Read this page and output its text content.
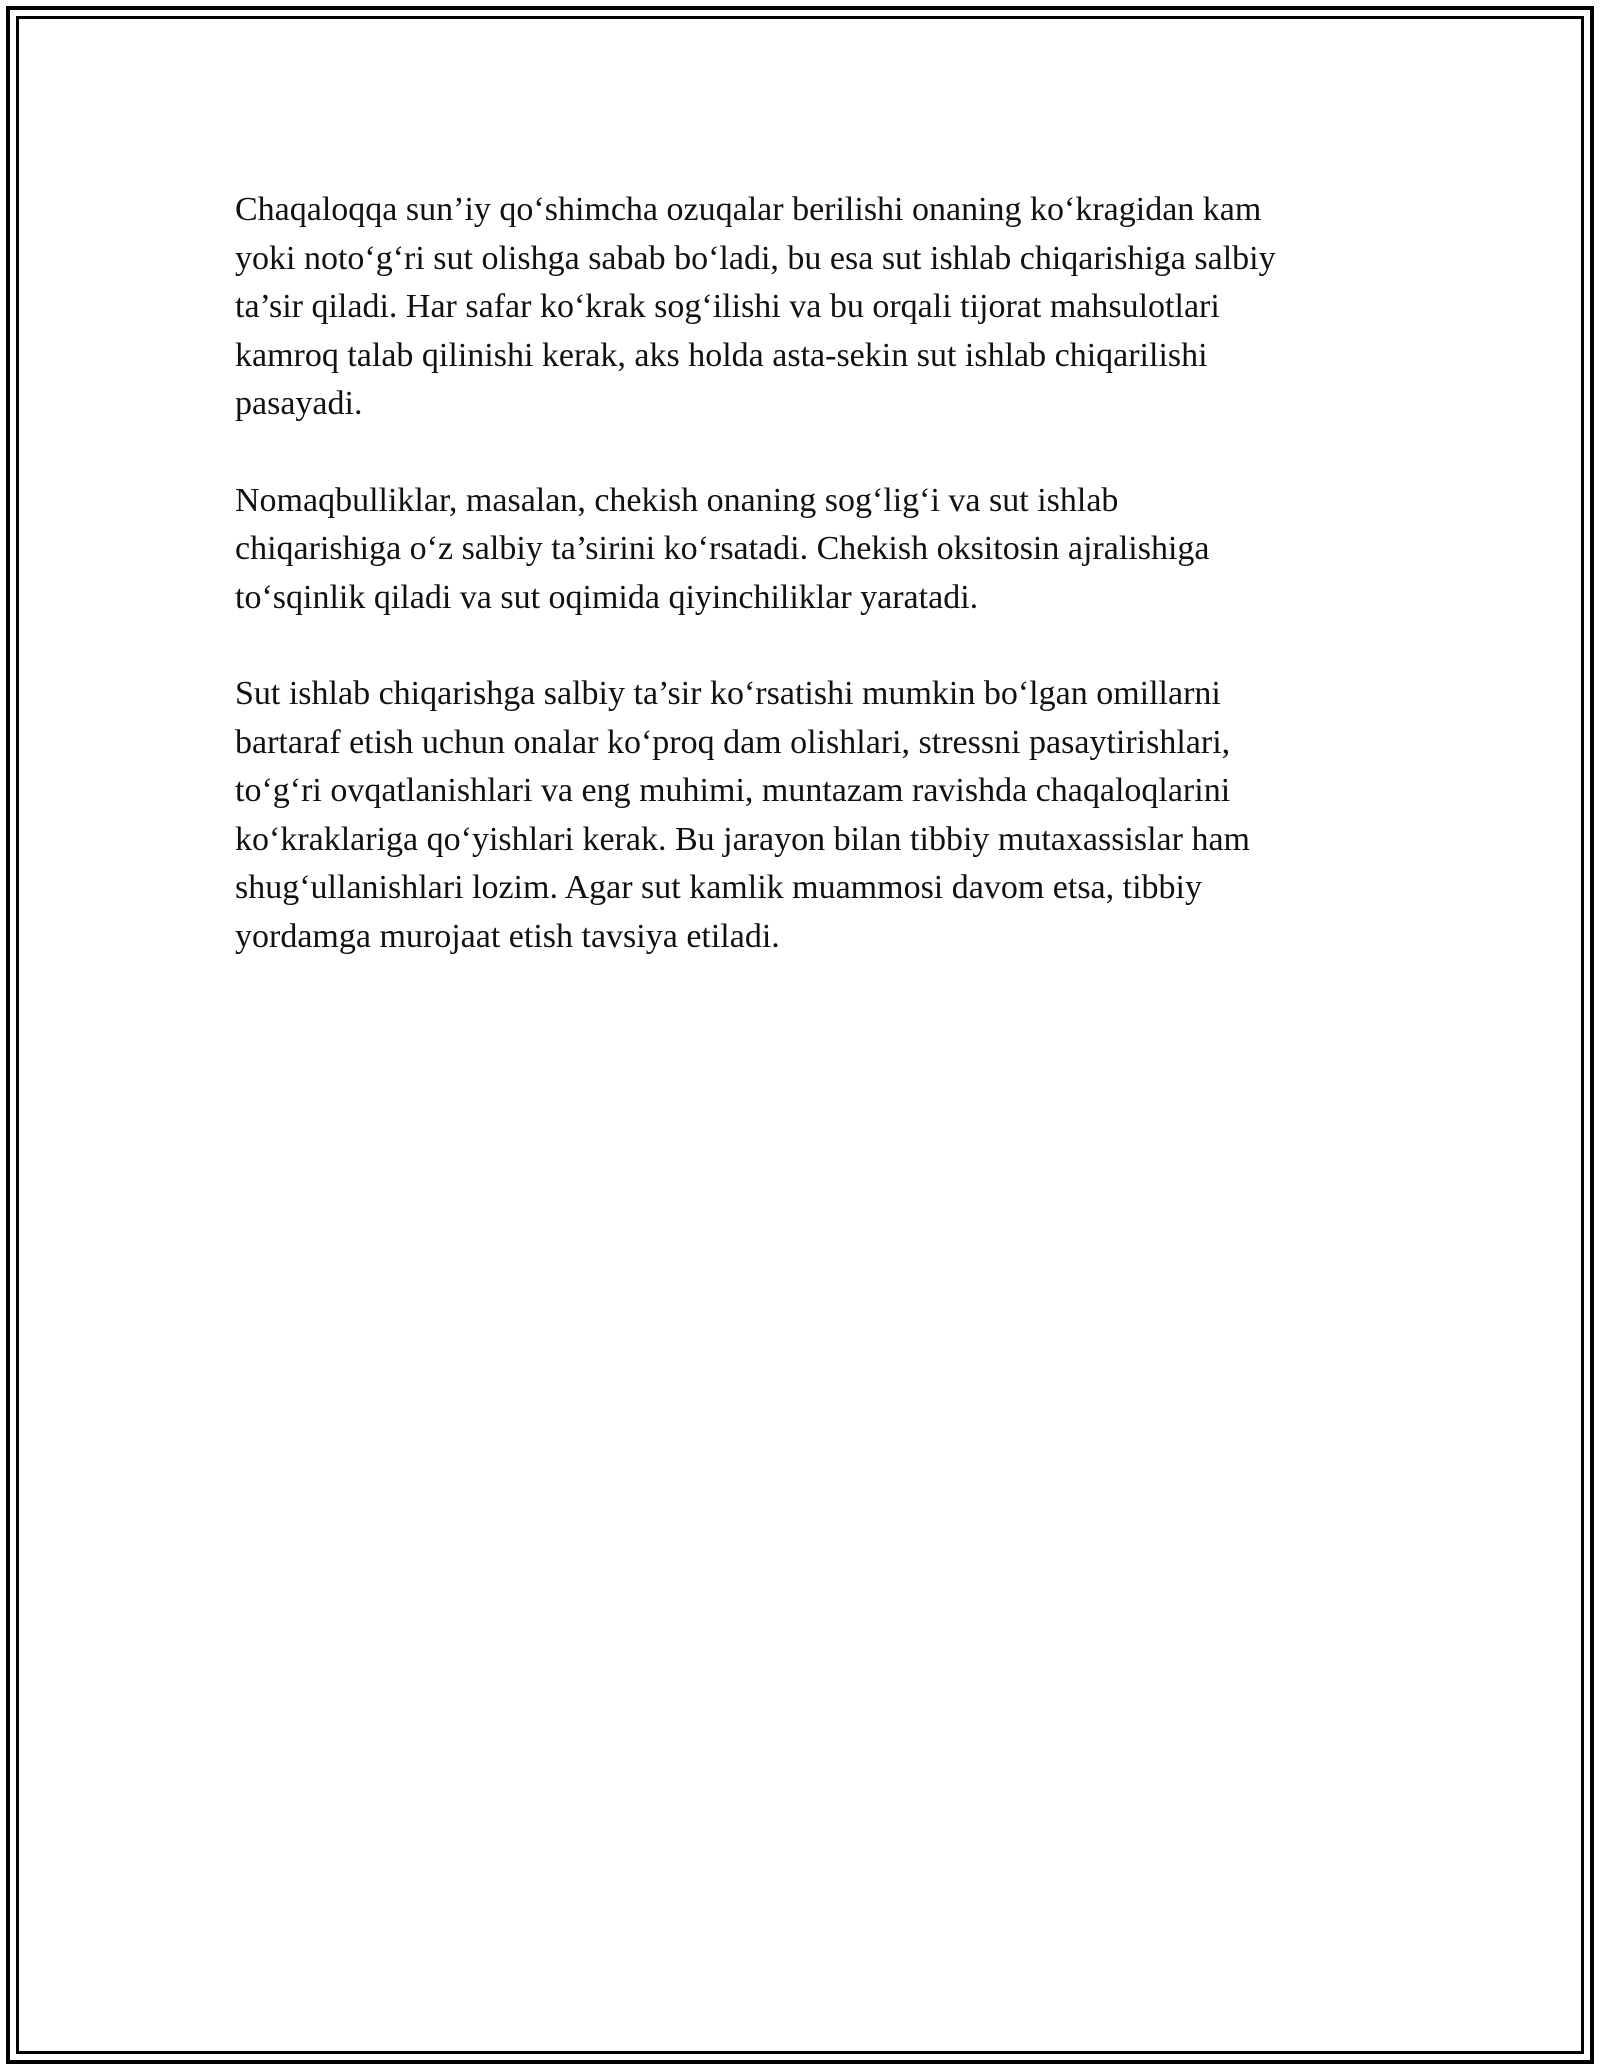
Chaqaloqqa sun’iy qo‘shimcha ozuqalar berilishi onaning ko‘kragidan kam
yoki noto‘g‘ri sut olishga sabab bo‘ladi, bu esa sut ishlab chiqarishiga salbiy
ta’sir qiladi. Har safar ko‘krak sog‘ilishi va bu orqali tijorat mahsulotlari
kamroq talab qilinishi kerak, aks holda asta-sekin sut ishlab chiqarilishi
pasayadi.

Nomaqbulliklar, masalan, chekish onaning sog‘lig‘i va sut ishlab
chiqarishiga o‘z salbiy ta’sirini ko‘rsatadi. Chekish oksitosin ajralishiga
to‘sqinlik qiladi va sut oqimida qiyinchiliklar yaratadi.

Sut ishlab chiqarishga salbiy ta’sir ko‘rsatishi mumkin bo‘lgan omillarni
bartaraf etish uchun onalar ko‘proq dam olishlari, stressni pasaytirishlari,
to‘g‘ri ovqatlanishlari va eng muhimi, muntazam ravishda chaqaloqlarini
ko‘kraklariga qo‘yishlari kerak. Bu jarayon bilan tibbiy mutaxassislar ham
shug‘ullanishlari lozim. Agar sut kamlik muammosi davom etsa, tibbiy
yordamga murojaat etish tavsiya etiladi.
